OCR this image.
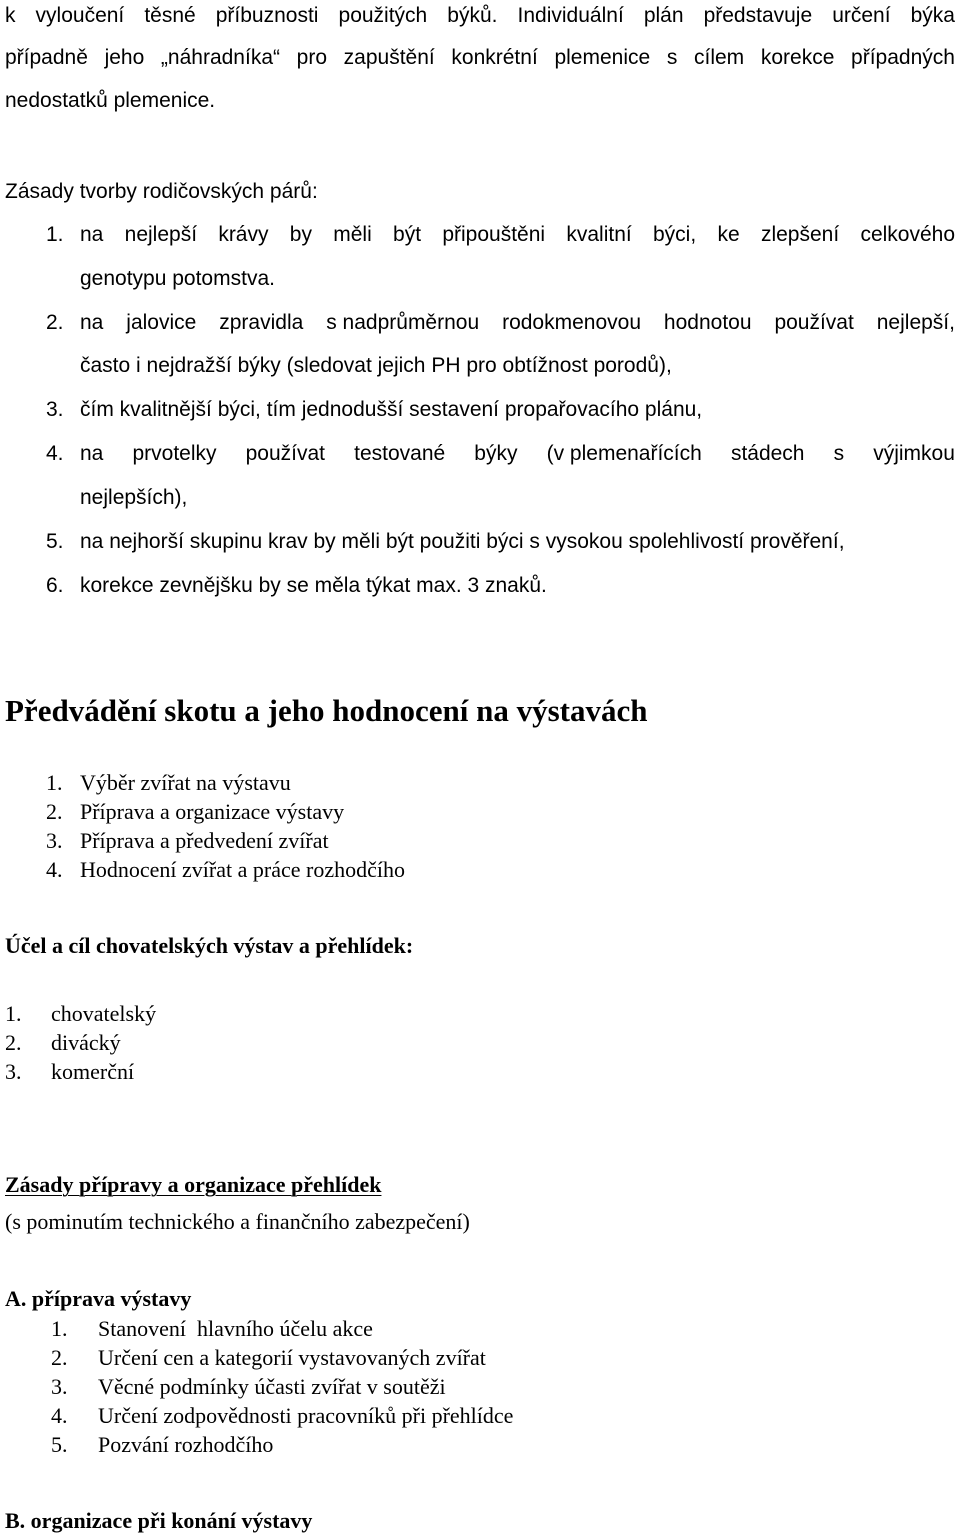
k vyloučení těsné příbuznosti použitých býků. Individuální plán představuje určení býka
případně jeho „náhradníka“ pro zapuštění konkrétní plemenice s cílem korekce případných
nedostatků plemenice.
Zásady tvorby rodičovských párů:
1. na nejlepší krávy by měli být připouštěni kvalitní býci, ke zlepšení celkového
genotypu potomstva.
2. na jalovice zpravidla s nadprůměrnou rodokmenovou hodnotou používat nejlepší,
často i nejdražší býky (sledovat jejich PH pro obtížnost porodů),
3. čím kvalitnější býci, tím jednodušší sestavení propařovacího plánu,
4. na prvotelky používat testované býky (v plemenařících stádech s výjimkou
nejlepších),
5. na nejhorší skupinu krav by měli být použiti býci s vysokou spolehlivostí prověření,
6. korekce zevnějšku by se měla týkat max. 3 znaků.
Předvádění skotu a jeho hodnocení na výstavách
1. Výběr zvířat na výstavu
2. Příprava a organizace výstavy
3. Příprava a předvedení zvířat
4. Hodnocení zvířat a práce rozhodčího
Účel a cíl chovatelských výstav a přehlídek:
1. chovatelský
2. divácký
3. komerční
Zásady přípravy a organizace přehlídek
(s pominutím technického a finančního zabezpečení)
A. příprava výstavy
1. Stanovení  hlavního účelu akce
2. Určení cen a kategorií vystavovaných zvířat
3. Věcné podmínky účasti zvířat v soutěži
4. Určení zodpovědnosti pracovníků při přehlídce
5. Pozvání rozhodčího
B. organizace při konání výstavy
